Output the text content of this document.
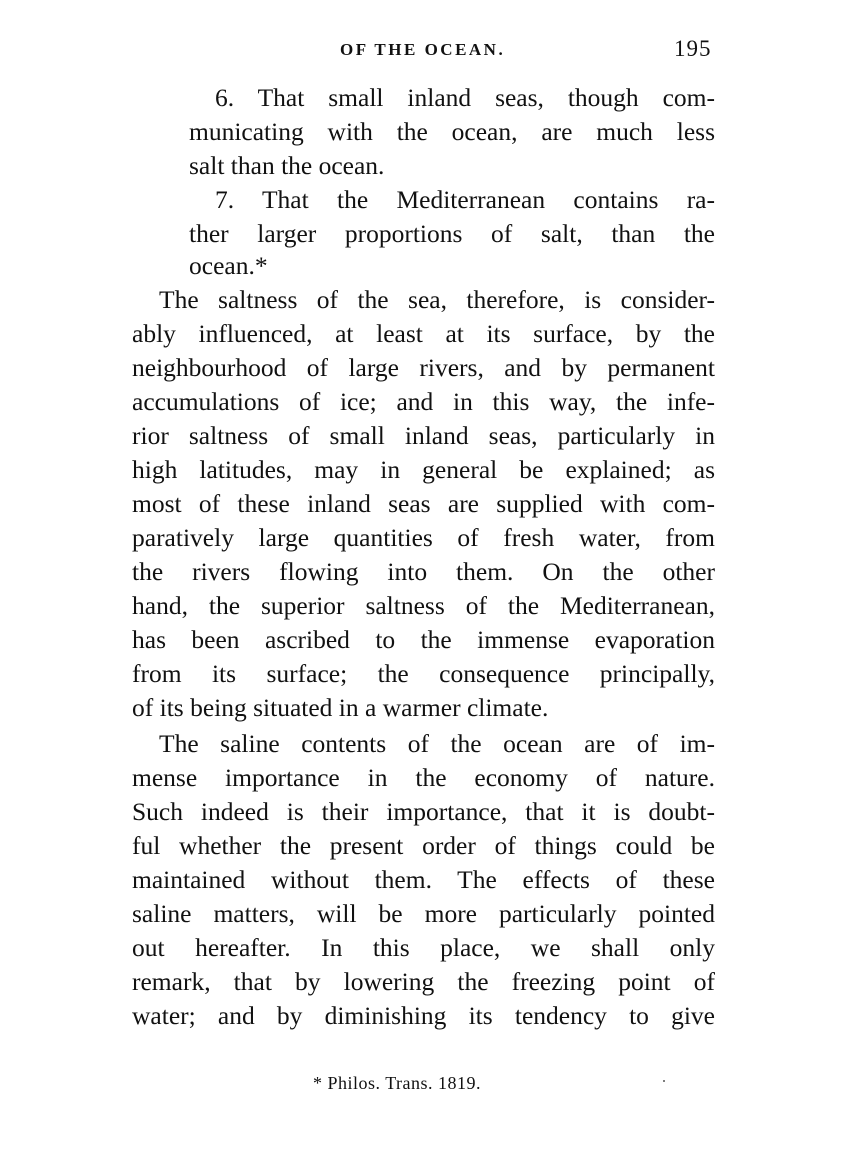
OF THE OCEAN.	195
6. That small inland seas, though com-
municating with the ocean, are much less
salt than the ocean.
7. That the Mediterranean contains ra-
ther larger proportions of salt, than the
ocean.*
The saltness of the sea, therefore, is consider-
ably influenced, at least at its surface, by the
neighbourhood of large rivers, and by permanent
accumulations of ice; and in this way, the infe-
rior saltness of small inland seas, particularly in
high latitudes, may in general be explained; as
most of these inland seas are supplied with com-
paratively large quantities of fresh water, from
the rivers flowing into them. On the other
hand, the superior saltness of the Mediterranean,
has been ascribed to the immense evaporation
from its surface; the consequence principally,
of its being situated in a warmer climate.
The saline contents of the ocean are of im-
mense importance in the economy of nature.
Such indeed is their importance, that it is doubt-
ful whether the present order of things could be
maintained without them. The effects of these
saline matters, will be more particularly pointed
out hereafter. In this place, we shall only
remark, that by lowering the freezing point of
water; and by diminishing its tendency to give
* Philos. Trans. 1819.
